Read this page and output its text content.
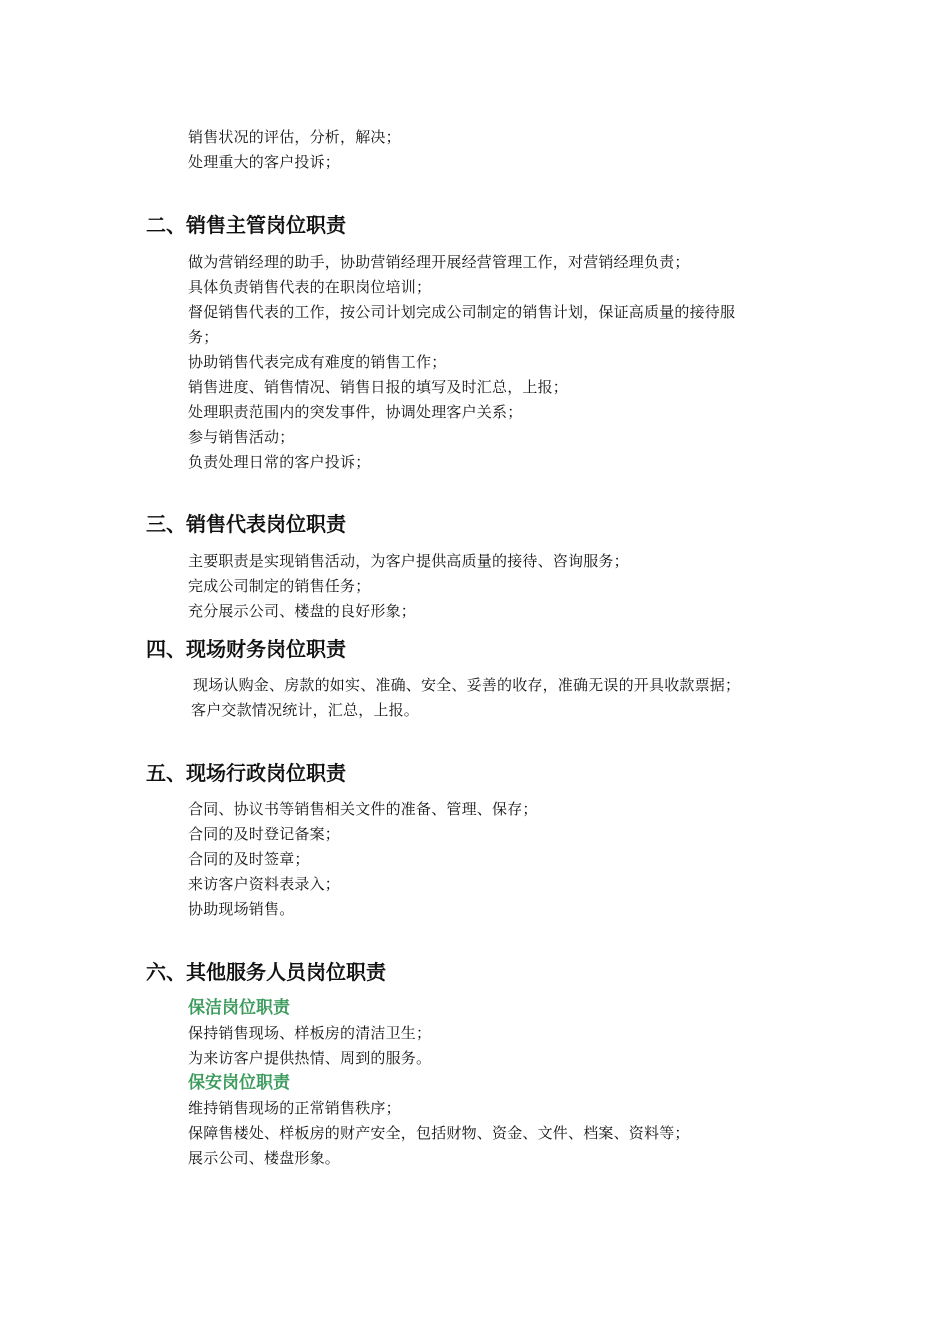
销售状况的评估，分析，解决；
处理重大的客户投诉；
二、销售主管岗位职责
做为营销经理的助手，协助营销经理开展经营管理工作，对营销经理负责；
具体负责销售代表的在职岗位培训；
督促销售代表的工作，按公司计划完成公司制定的销售计划，保证高质量的接待服
务；
协助销售代表完成有难度的销售工作；
销售进度、销售情况、销售日报的填写及时汇总，上报；
处理职责范围内的突发事件，协调处理客户关系；
参与销售活动；
负责处理日常的客户投诉；
三、销售代表岗位职责
主要职责是实现销售活动，为客户提供高质量的接待、咨询服务；
完成公司制定的销售任务；
充分展示公司、楼盘的良好形象；
四、现场财务岗位职责
现场认购金、房款的如实、准确、安全、妥善的收存，准确无误的开具收款票据；
客户交款情况统计，汇总，上报。
五、现场行政岗位职责
合同、协议书等销售相关文件的准备、管理、保存；
合同的及时登记备案；
合同的及时签章；
来访客户资料表录入；
协助现场销售。
六、其他服务人员岗位职责
保洁岗位职责
保持销售现场、样板房的清洁卫生；
为来访客户提供热情、周到的服务。
保安岗位职责
维持销售现场的正常销售秩序；
保障售楼处、样板房的财产安全，包括财物、资金、文件、档案、资料等；
展示公司、楼盘形象。
